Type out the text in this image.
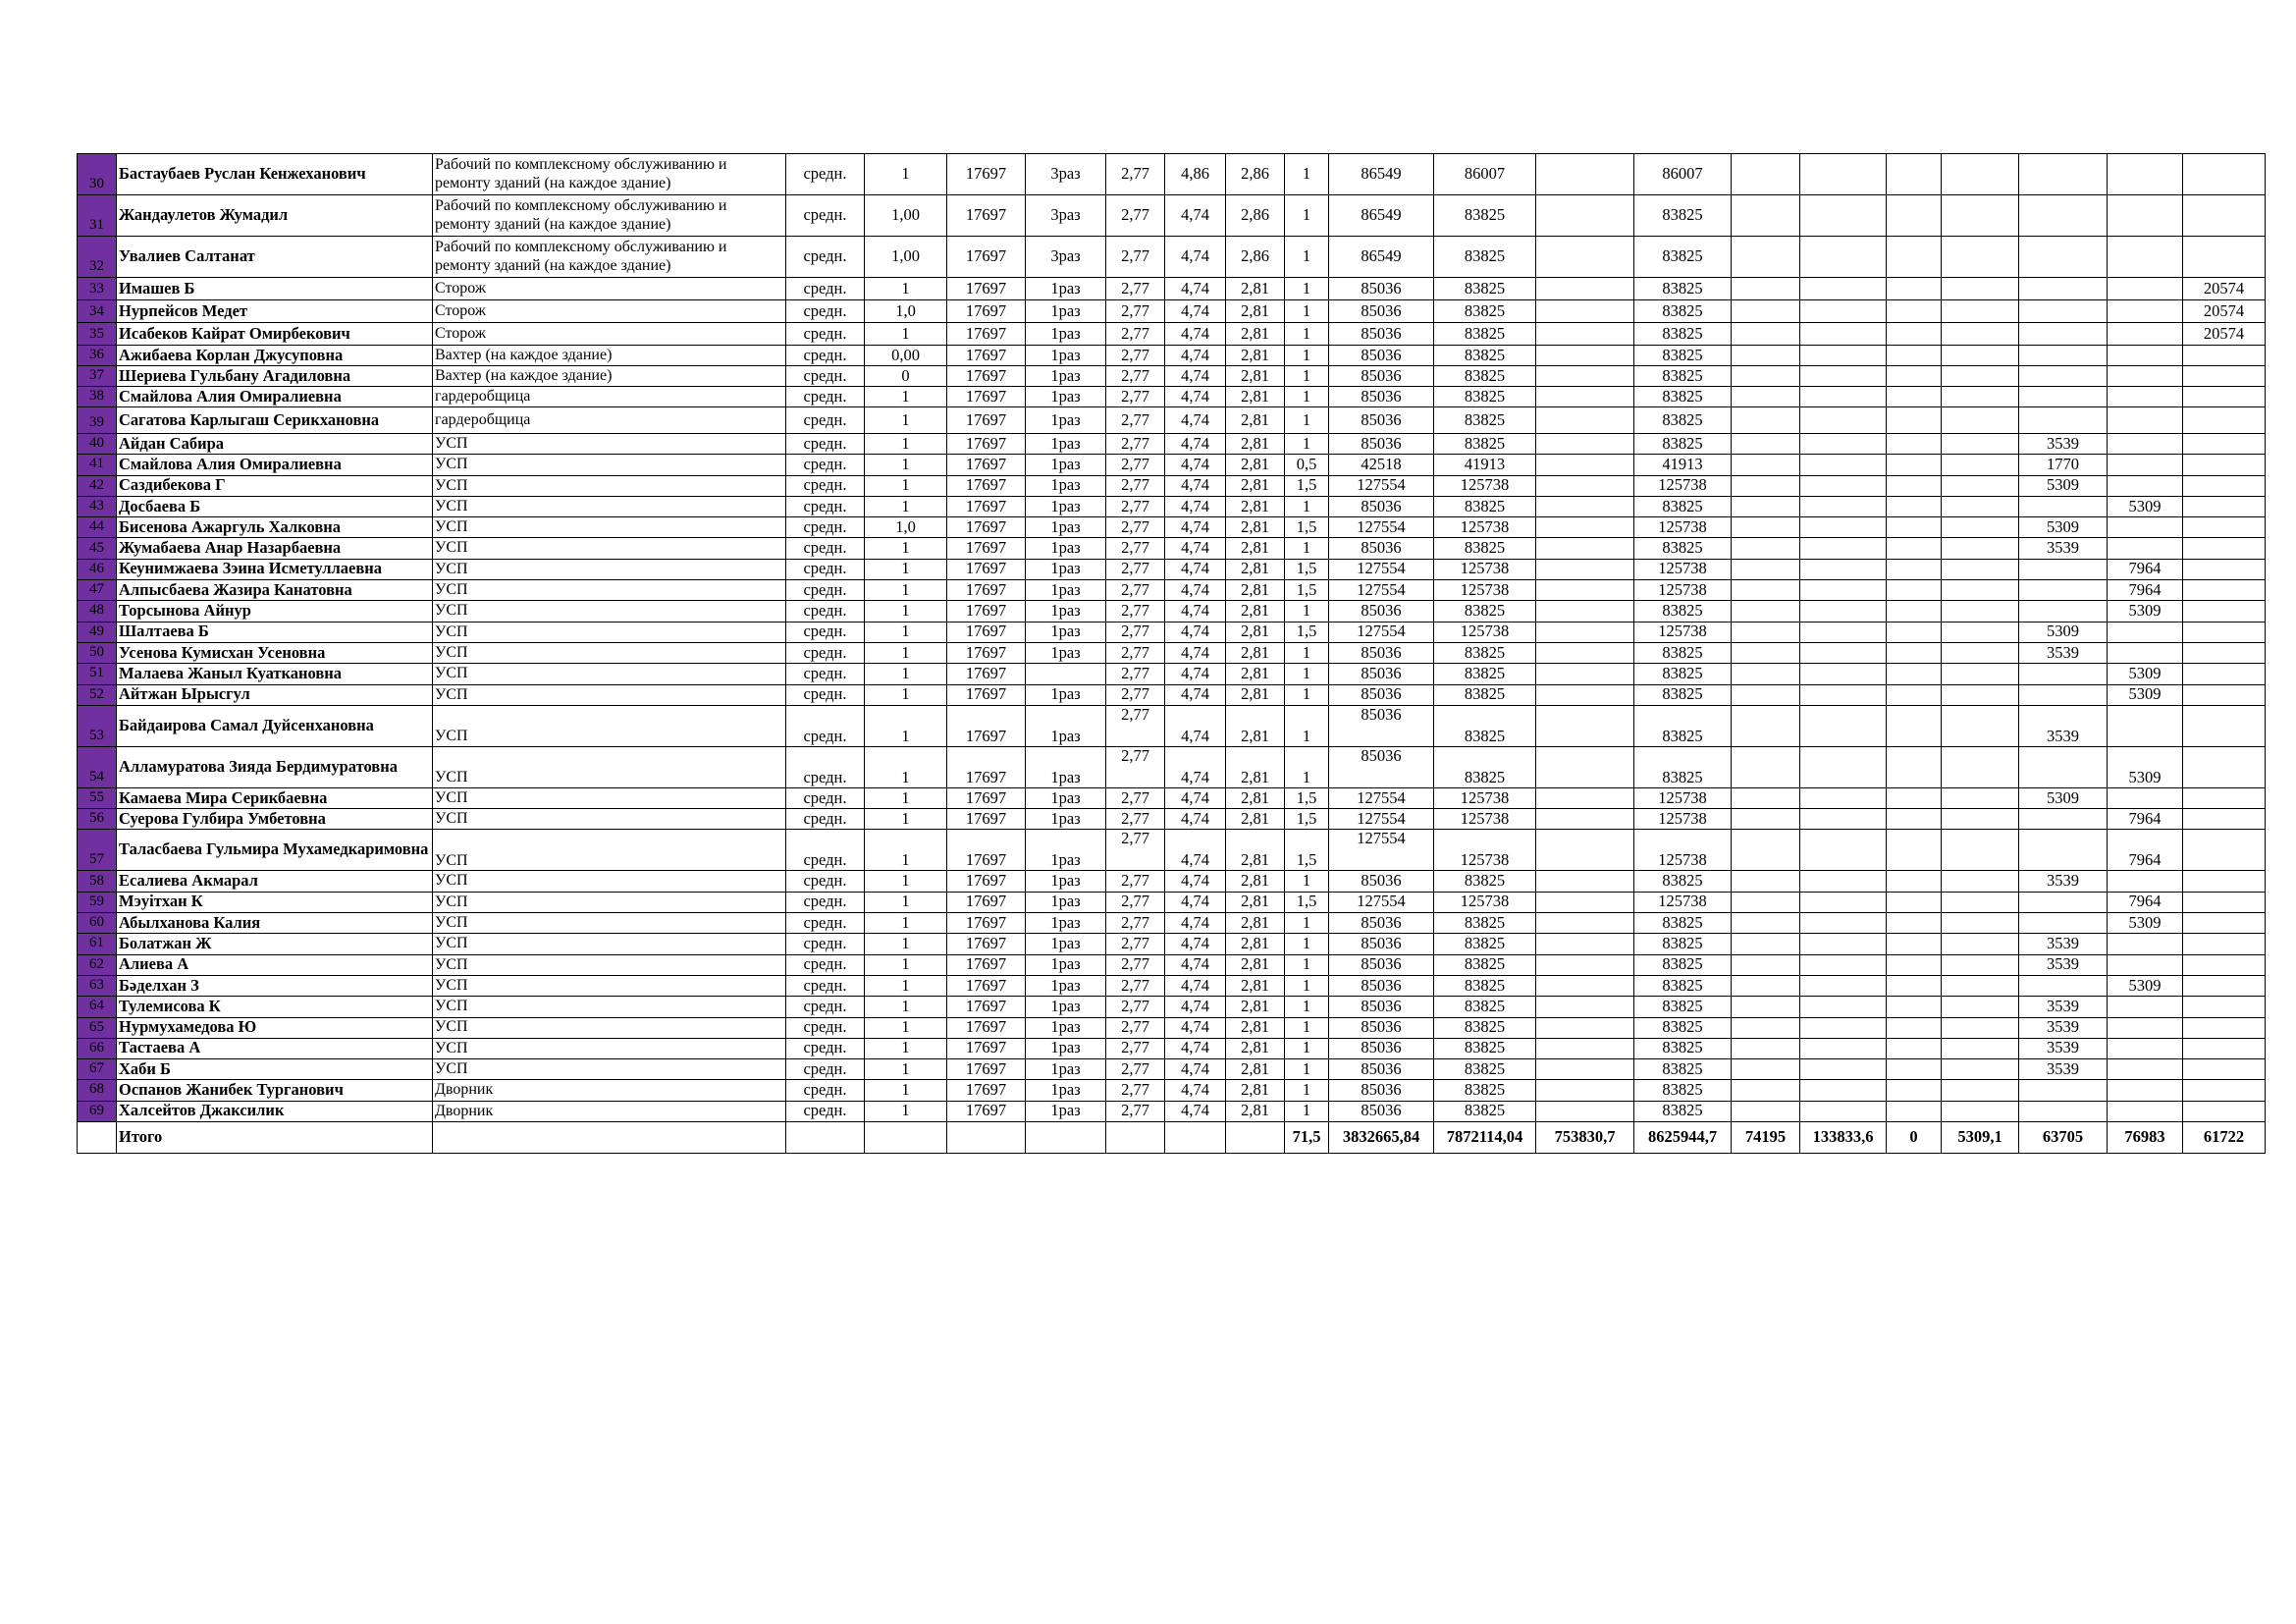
30	Бастаубаев Руслан Кенжеханович	Рабочий по комплексному обслуживанию и ремонту зданий (на каждое здание)	средн.	1	17697	3раз	2,77	4,86	2,86	1	86549	86007		86007							
31	Жандаулетов Жумадил	Рабочий по комплексному обслуживанию и ремонту зданий (на каждое здание)	средн.	1,00	17697	3раз	2,77	4,74	2,86	1	86549	83825		83825							
32	Увалиев Салтанат	Рабочий по комплексному обслуживанию и ремонту зданий (на каждое здание)	средн.	1,00	17697	3раз	2,77	4,74	2,86	1	86549	83825		83825							
33	Имашев Б	Сторож	средн.	1	17697	1раз	2,77	4,74	2,81	1	85036	83825		83825							20574
34	Нурпейсов Медет	Сторож	средн.	1,0	17697	1раз	2,77	4,74	2,81	1	85036	83825		83825							20574
35	Исабеков Кайрат Омирбекович	Сторож	средн.	1	17697	1раз	2,77	4,74	2,81	1	85036	83825		83825							20574
36	Ажибаева Корлан Джусуповна	Вахтер (на каждое здание)	средн.	0,00	17697	1раз	2,77	4,74	2,81	1	85036	83825		83825							
37	Шериева Гульбану Агадиловна	Вахтер (на каждое здание)	средн.	0	17697	1раз	2,77	4,74	2,81	1	85036	83825		83825							
38	Смайлова Алия Омиралиевна	гардеробщица	средн.	1	17697	1раз	2,77	4,74	2,81	1	85036	83825		83825							
39	Сагатова Карлыгаш Серикхановна	гардеробщица	средн.	1	17697	1раз	2,77	4,74	2,81	1	85036	83825		83825							
40	Айдан Сабира	УСП	средн.	1	17697	1раз	2,77	4,74	2,81	1	85036	83825		83825					3539		
41	Смайлова Алия Омиралиевна	УСП	средн.	1	17697	1раз	2,77	4,74	2,81	0,5	42518	41913		41913					1770		
42	Саздибекова Г	УСП	средн.	1	17697	1раз	2,77	4,74	2,81	1,5	127554	125738		125738					5309		
43	Досбаева Б	УСП	средн.	1	17697	1раз	2,77	4,74	2,81	1	85036	83825		83825						5309	
44	Бисенова Ажаргуль Халковна	УСП	средн.	1,0	17697	1раз	2,77	4,74	2,81	1,5	127554	125738		125738					5309		
45	Жумабаева Анар Назарбаевна	УСП	средн.	1	17697	1раз	2,77	4,74	2,81	1	85036	83825		83825					3539		
46	Кеунимжаева Зэина Исметуллаевна	УСП	средн.	1	17697	1раз	2,77	4,74	2,81	1,5	127554	125738		125738						7964	
47	Алпысбаева Жазира Канатовна	УСП	средн.	1	17697	1раз	2,77	4,74	2,81	1,5	127554	125738		125738						7964	
48	Торсынова Айнур	УСП	средн.	1	17697	1раз	2,77	4,74	2,81	1	85036	83825		83825						5309	
49	Шалтаева Б	УСП	средн.	1	17697	1раз	2,77	4,74	2,81	1,5	127554	125738		125738					5309		
50	Усенова Кумисхан Усеновна	УСП	средн.	1	17697	1раз	2,77	4,74	2,81	1	85036	83825		83825					3539		
51	Малаева Жаныл Куаткановна	УСП	средн.	1	17697		2,77	4,74	2,81	1	85036	83825		83825						5309	
52	Айтжан Ырысгул	УСП	средн.	1	17697	1раз	2,77	4,74	2,81	1	85036	83825		83825						5309	
53	Байдаирова Самал Дуйсенхановна	УСП	средн.	1	17697	1раз	2,77	4,74	2,81	1	85036	83825		83825					3539		
54	Алламуратова Зияда Бердимуратовна	УСП	средн.	1	17697	1раз	2,77	4,74	2,81	1	85036	83825		83825						5309	
55	Камаева Мира Серикбаевна	УСП	средн.	1	17697	1раз	2,77	4,74	2,81	1,5	127554	125738		125738					5309		
56	Суерова Гулбира Умбетовна	УСП	средн.	1	17697	1раз	2,77	4,74	2,81	1,5	127554	125738		125738						7964	
57	Таласбаева Гульмира Мухамедкаримовна	УСП	средн.	1	17697	1раз	2,77	4,74	2,81	1,5	127554	125738		125738						7964	
58	Есалиева Акмарал	УСП	средн.	1	17697	1раз	2,77	4,74	2,81	1	85036	83825		83825					3539		
59	Мэуітхан К	УСП	средн.	1	17697	1раз	2,77	4,74	2,81	1,5	127554	125738		125738						7964	
60	Абылханова Калия	УСП	средн.	1	17697	1раз	2,77	4,74	2,81	1	85036	83825		83825						5309	
61	Болатжан Ж	УСП	средн.	1	17697	1раз	2,77	4,74	2,81	1	85036	83825		83825					3539		
62	Алиева А	УСП	средн.	1	17697	1раз	2,77	4,74	2,81	1	85036	83825		83825					3539		
63	Бәделхан З	УСП	средн.	1	17697	1раз	2,77	4,74	2,81	1	85036	83825		83825						5309	
64	Тулемисова К	УСП	средн.	1	17697	1раз	2,77	4,74	2,81	1	85036	83825		83825					3539		
65	Нурмухамедова Ю	УСП	средн.	1	17697	1раз	2,77	4,74	2,81	1	85036	83825		83825					3539		
66	Тастаева А	УСП	средн.	1	17697	1раз	2,77	4,74	2,81	1	85036	83825		83825					3539		
67	Хаби Б	УСП	средн.	1	17697	1раз	2,77	4,74	2,81	1	85036	83825		83825					3539		
68	Оспанов Жанибек Турганович	Дворник	средн.	1	17697	1раз	2,77	4,74	2,81	1	85036	83825		83825							
69	Халсейтов Джаксилик	Дворник	средн.	1	17697	1раз	2,77	4,74	2,81	1	85036	83825		83825							
	Итого									71,5	3832665,84	7872114,04	753830,7	8625944,7	74195	133833,6	0	5309,1	63705	76983	61722
